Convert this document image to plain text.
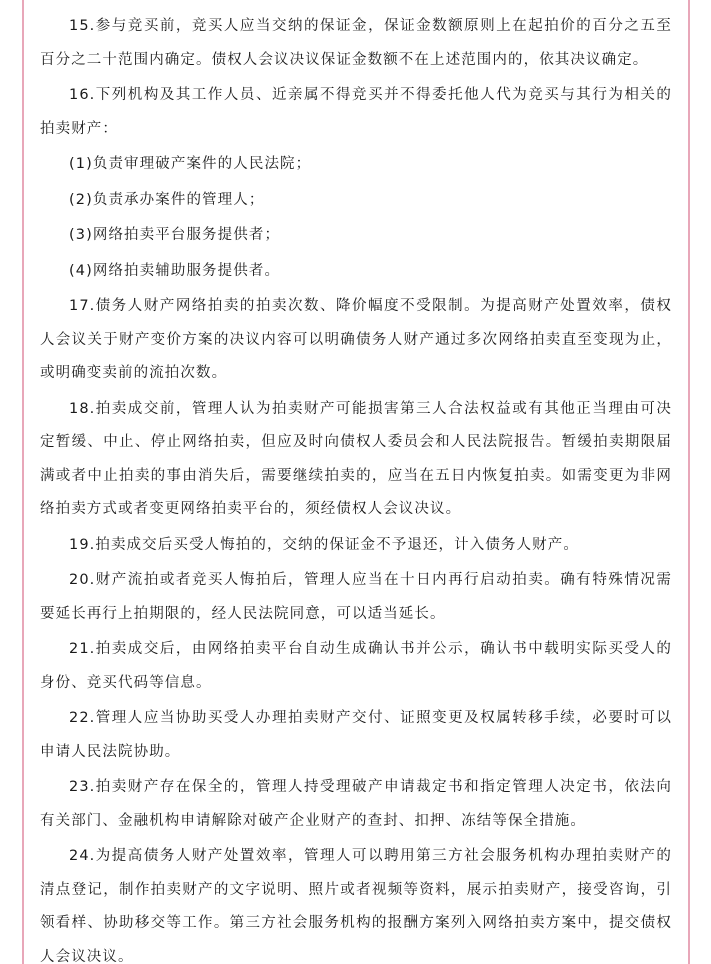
15.参与竞买前，竞买人应当交纳的保证金，保证金数额原则上在起拍价的百分之五至百分之二十范围内确定。债权人会议决议保证金数额不在上述范围内的，依其决议确定。

16.下列机构及其工作人员、近亲属不得竞买并不得委托他人代为竞买与其行为相关的拍卖财产：

(1)负责审理破产案件的人民法院；

(2)负责承办案件的管理人；

(3)网络拍卖平台服务提供者；

(4)网络拍卖辅助服务提供者。

17.债务人财产网络拍卖的拍卖次数、降价幅度不受限制。为提高财产处置效率，债权人会议关于财产变价方案的决议内容可以明确债务人财产通过多次网络拍卖直至变现为止，或明确变卖前的流拍次数。

18.拍卖成交前，管理人认为拍卖财产可能损害第三人合法权益或有其他正当理由可决定暂缓、中止、停止网络拍卖，但应及时向债权人委员会和人民法院报告。暂缓拍卖期限届满或者中止拍卖的事由消失后，需要继续拍卖的，应当在五日内恢复拍卖。如需变更为非网络拍卖方式或者变更网络拍卖平台的，须经债权人会议决议。

19.拍卖成交后买受人悔拍的，交纳的保证金不予退还，计入债务人财产。

20.财产流拍或者竞买人悔拍后，管理人应当在十日内再行启动拍卖。确有特殊情况需要延长再行上拍期限的，经人民法院同意，可以适当延长。

21.拍卖成交后，由网络拍卖平台自动生成确认书并公示，确认书中载明实际买受人的身份、竞买代码等信息。

22.管理人应当协助买受人办理拍卖财产交付、证照变更及权属转移手续，必要时可以申请人民法院协助。

23.拍卖财产存在保全的，管理人持受理破产申请裁定书和指定管理人决定书，依法向有关部门、金融机构申请解除对破产企业财产的查封、扣押、冻结等保全措施。

24.为提高债务人财产处置效率，管理人可以聘用第三方社会服务机构办理拍卖财产的清点登记，制作拍卖财产的文字说明、照片或者视频等资料，展示拍卖财产，接受咨询，引领看样、协助移交等工作。第三方社会服务机构的报酬方案列入网络拍卖方案中，提交债权人会议决议。
